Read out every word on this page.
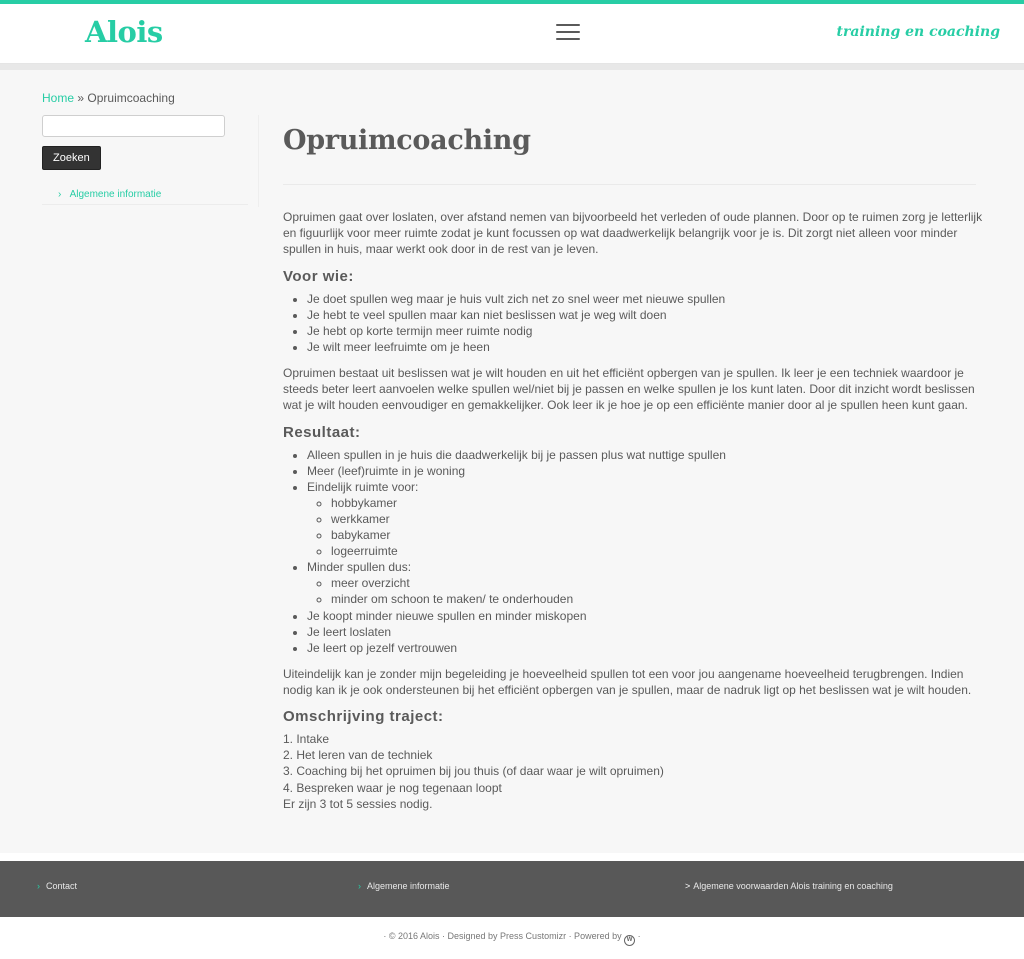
Alois	training en coaching
Home » Opruimcoaching
Zoeken
› Algemene informatie
Opruimcoaching

Opruimen gaat over loslaten, over afstand nemen van bijvoorbeeld het verleden of oude plannen. Door op te ruimen zorg je letterlijk en figuurlijk voor meer ruimte zodat je kunt focussen op wat daadwerkelijk belangrijk voor je is. Dit zorgt niet alleen voor minder spullen in huis, maar werkt ook door in de rest van je leven.

Voor wie:
• Je doet spullen weg maar je huis vult zich net zo snel weer met nieuwe spullen
• Je hebt te veel spullen maar kan niet beslissen wat je weg wilt doen
• Je hebt op korte termijn meer ruimte nodig
• Je wilt meer leefruimte om je heen

Opruimen bestaat uit beslissen wat je wilt houden en uit het efficiënt opbergen van je spullen. Ik leer je een techniek waardoor je steeds beter leert aanvoelen welke spullen wel/niet bij je passen en welke spullen je los kunt laten. Door dit inzicht wordt beslissen wat je wilt houden eenvoudiger en gemakkelijker. Ook leer ik je hoe je op een efficiënte manier door al je spullen heen kunt gaan.

Resultaat:
• Alleen spullen in je huis die daadwerkelijk bij je passen plus wat nuttige spullen
• Meer (leef)ruimte in je woning
• Eindelijk ruimte voor:
◦ hobbykamer
◦ werkkamer
◦ babykamer
◦ logeerruimte
• Minder spullen dus:
◦ meer overzicht
◦ minder om schoon te maken/ te onderhouden
• Je koopt minder nieuwe spullen en minder miskopen
• Je leert loslaten
• Je leert op jezelf vertrouwen

Uiteindelijk kan je zonder mijn begeleiding je hoeveelheid spullen tot een voor jou aangename hoeveelheid terugbrengen. Indien nodig kan ik je ook ondersteunen bij het efficiënt opbergen van je spullen, maar de nadruk ligt op het beslissen wat je wilt houden.

Omschrijving traject:
1. Intake
2. Het leren van de techniek
3. Coaching bij het opruimen bij jou thuis (of daar waar je wilt opruimen)
4. Bespreken waar je nog tegenaan loopt
Er zijn 3 tot 5 sessies nodig.
› Contact	› Algemene informatie	> Algemene voorwaarden Alois training en coaching
· © 2016 Alois · Designed by Press Customizr · Powered by W ·
